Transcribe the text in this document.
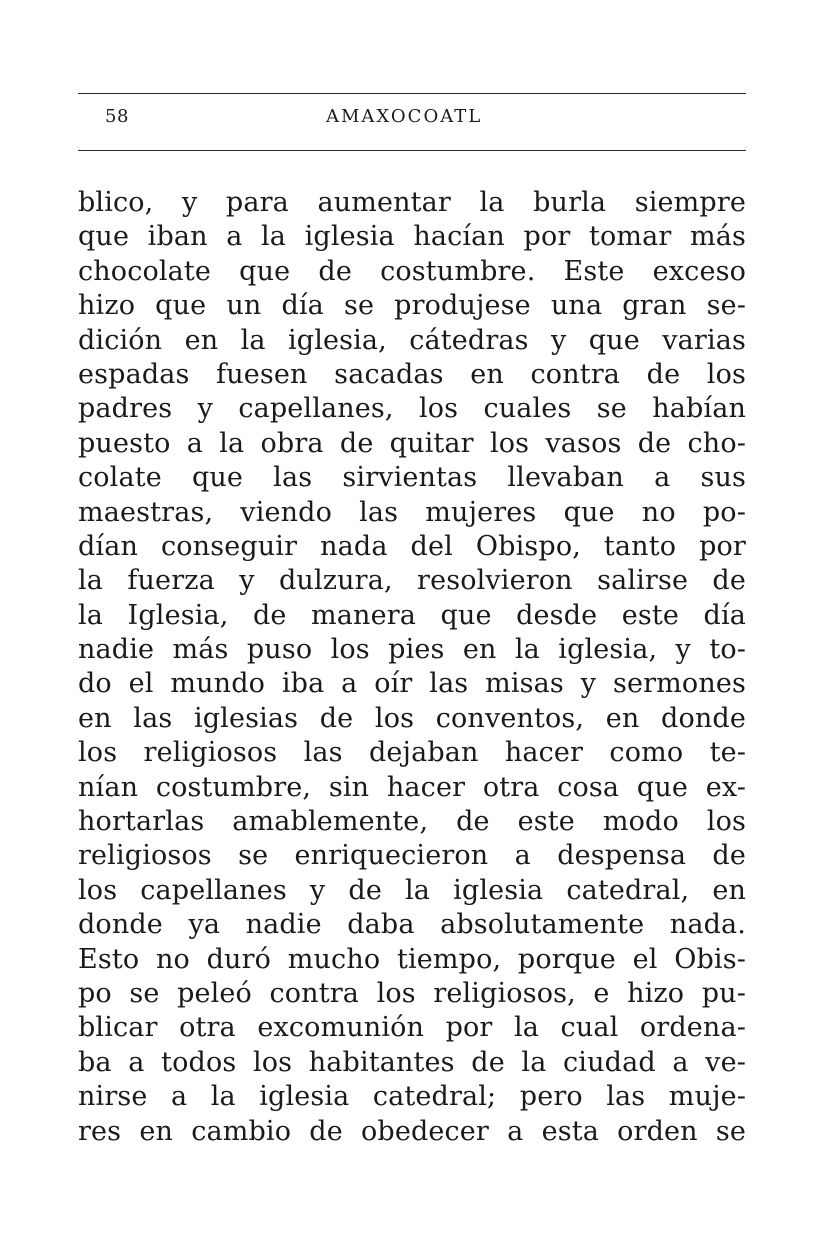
58	AMAXOCOATL
blico, y para aumentar la burla siempre
que iban a la iglesia hacían por tomar más
chocolate que de costumbre. Este exceso
hizo que un día se produjese una gran se-
dición en la iglesia, cátedras y que varias
espadas fuesen sacadas en contra de los
padres y capellanes, los cuales se habían
puesto a la obra de quitar los vasos de cho-
colate que las sirvientas llevaban a sus
maestras, viendo las mujeres que no po-
dían conseguir nada del Obispo, tanto por
la fuerza y dulzura, resolvieron salirse de
la Iglesia, de manera que desde este día
nadie más puso los pies en la iglesia, y to-
do el mundo iba a oír las misas y sermones
en las iglesias de los conventos, en donde
los religiosos las dejaban hacer como te-
nían costumbre, sin hacer otra cosa que ex-
hortarlas amablemente, de este modo los
religiosos se enriquecieron a despensa de
los capellanes y de la iglesia catedral, en
donde ya nadie daba absolutamente nada.
Esto no duró mucho tiempo, porque el Obis-
po se peleó contra los religiosos, e hizo pu-
blicar otra excomunión por la cual ordena-
ba a todos los habitantes de la ciudad a ve-
nirse a la iglesia catedral; pero las muje-
res en cambio de obedecer a esta orden se
